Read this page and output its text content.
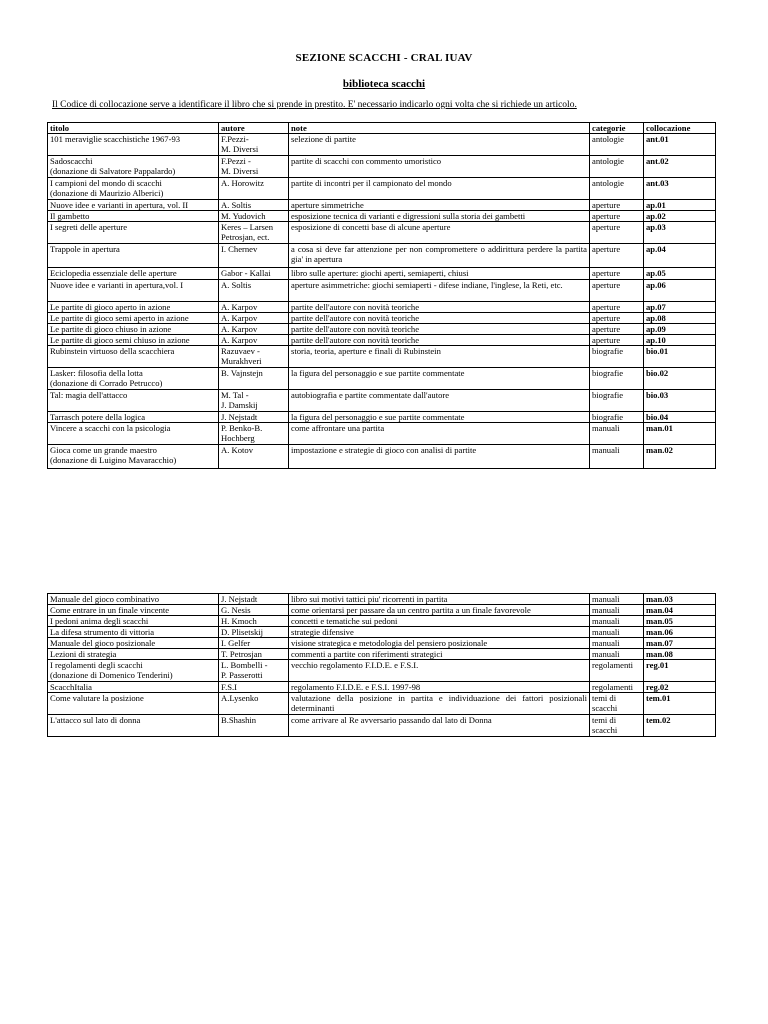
SEZIONE SCACCHI - CRAL IUAV
biblioteca scacchi
Il Codice di collocazione serve a identificare il libro che si prende in prestito. E' necessario indicarlo ogni volta che si richiede un articolo.
titolo	autore	note	categorie	collocazione
101 meraviglie scacchistiche 1967-93	F.Pezzi-
M. Diversi	selezione di partite	antologie	ant.01
Sadoscacchi
(donazione di Salvatore Pappalardo)	F.Pezzi -
M. Diversi	partite di scacchi con commento umoristico	antologie	ant.02
I campioni del mondo di scacchi
(donazione di Maurizio Alberici)	A. Horowitz	partite di incontri per il campionato del mondo	antologie	ant.03
Nuove idee e varianti in apertura, vol. II	A. Soltis	aperture simmetriche	aperture	ap.01
Il gambetto	M. Yudovich	esposizione tecnica di varianti e digressioni sulla storia dei gambetti	aperture	ap.02
I segreti delle aperture	Keres – Larsen
Petrosjan, ect.	esposizione di concetti base di alcune aperture	aperture	ap.03
Trappole in apertura	I. Chernev	a cosa si deve far attenzione per non compromettere o addirittura perdere la partita gia' in apertura	aperture	ap.04
Eciclopedia essenziale delle aperture	Gabor - Kallai	libro sulle aperture: giochi aperti, semiaperti, chiusi	aperture	ap.05
Nuove idee e varianti in apertura,vol. I	A. Soltis	aperture asimmetriche: giochi semiaperti - difese indiane, l'inglese, la Reti, etc.	aperture	ap.06
Le partite di gioco aperto in azione	A. Karpov	partite dell'autore con novità teoriche	aperture	ap.07
Le partite di gioco semi aperto in azione	A. Karpov	partite dell'autore con novità teoriche	aperture	ap.08
Le partite di gioco chiuso in azione	A. Karpov	partite dell'autore con novità teoriche	aperture	ap.09
Le partite di gioco semi chiuso in azione	A. Karpov	partite dell'autore con novità teoriche	aperture	ap.10
Rubinstein virtuoso della scacchiera	Razuvaev -
Murakhveri	storia, teoria, aperture e finali di Rubinstein	biografie	bio.01
Lasker: filosofia della lotta
(donazione di Corrado Petrucco)	B. Vajnstejn	la figura del personaggio e sue partite commentate	biografie	bio.02
Tal: magia dell'attacco	M. Tal -
J. Damskij	autobiografia e partite commentate dall'autore	biografie	bio.03
Tarrasch potere della logica	J. Nejstadt	la figura del personaggio e sue partite commentate	biografie	bio.04
Vincere a scacchi con la psicologia	P. Benko-B.
Hochberg	come affrontare una partita	manuali	man.01
Gioca come un grande maestro
(donazione di Luigino Mavaracchio)	A. Kotov	impostazione e strategie di gioco con analisi di partite	manuali	man.02
Manuale del gioco combinativo	J. Nejstadt	libro sui motivi tattici piu' ricorrenti in partita	manuali	man.03
Come entrare in un finale vincente	G. Nesis	come orientarsi per passare da un centro partita a un finale favorevole	manuali	man.04
I pedoni anima degli scacchi	H. Kmoch	concetti e tematiche sui pedoni	manuali	man.05
La difesa strumento di vittoria	D. Plisetskij	strategie difensive	manuali	man.06
Manuale del gioco posizionale	I. Gelfer	visione strategica e metodologia del pensiero posizionale	manuali	man.07
Lezioni di strategia	T. Petrosjan	commenti a partite con riferimenti strategici	manuali	man.08
I regolamenti degli scacchi
(donazione di Domenico Tenderini)	L. Bombelli -
P. Passerotti	vecchio regolamento F.I.D.E. e F.S.I.	regolamenti	reg.01
ScacchItalia	F.S.I	regolamento F.I.D.E. e F.S.I. 1997-98	regolamenti	reg.02
Come valutare la posizione	A.Lysenko	valutazione della posizione in partita e individuazione dei fattori posizionali determinanti	temi di scacchi	tem.01
L'attacco sul lato di donna	B.Shashin	come arrivare al Re avversario passando dal lato di Donna	temi di scacchi	tem.02
